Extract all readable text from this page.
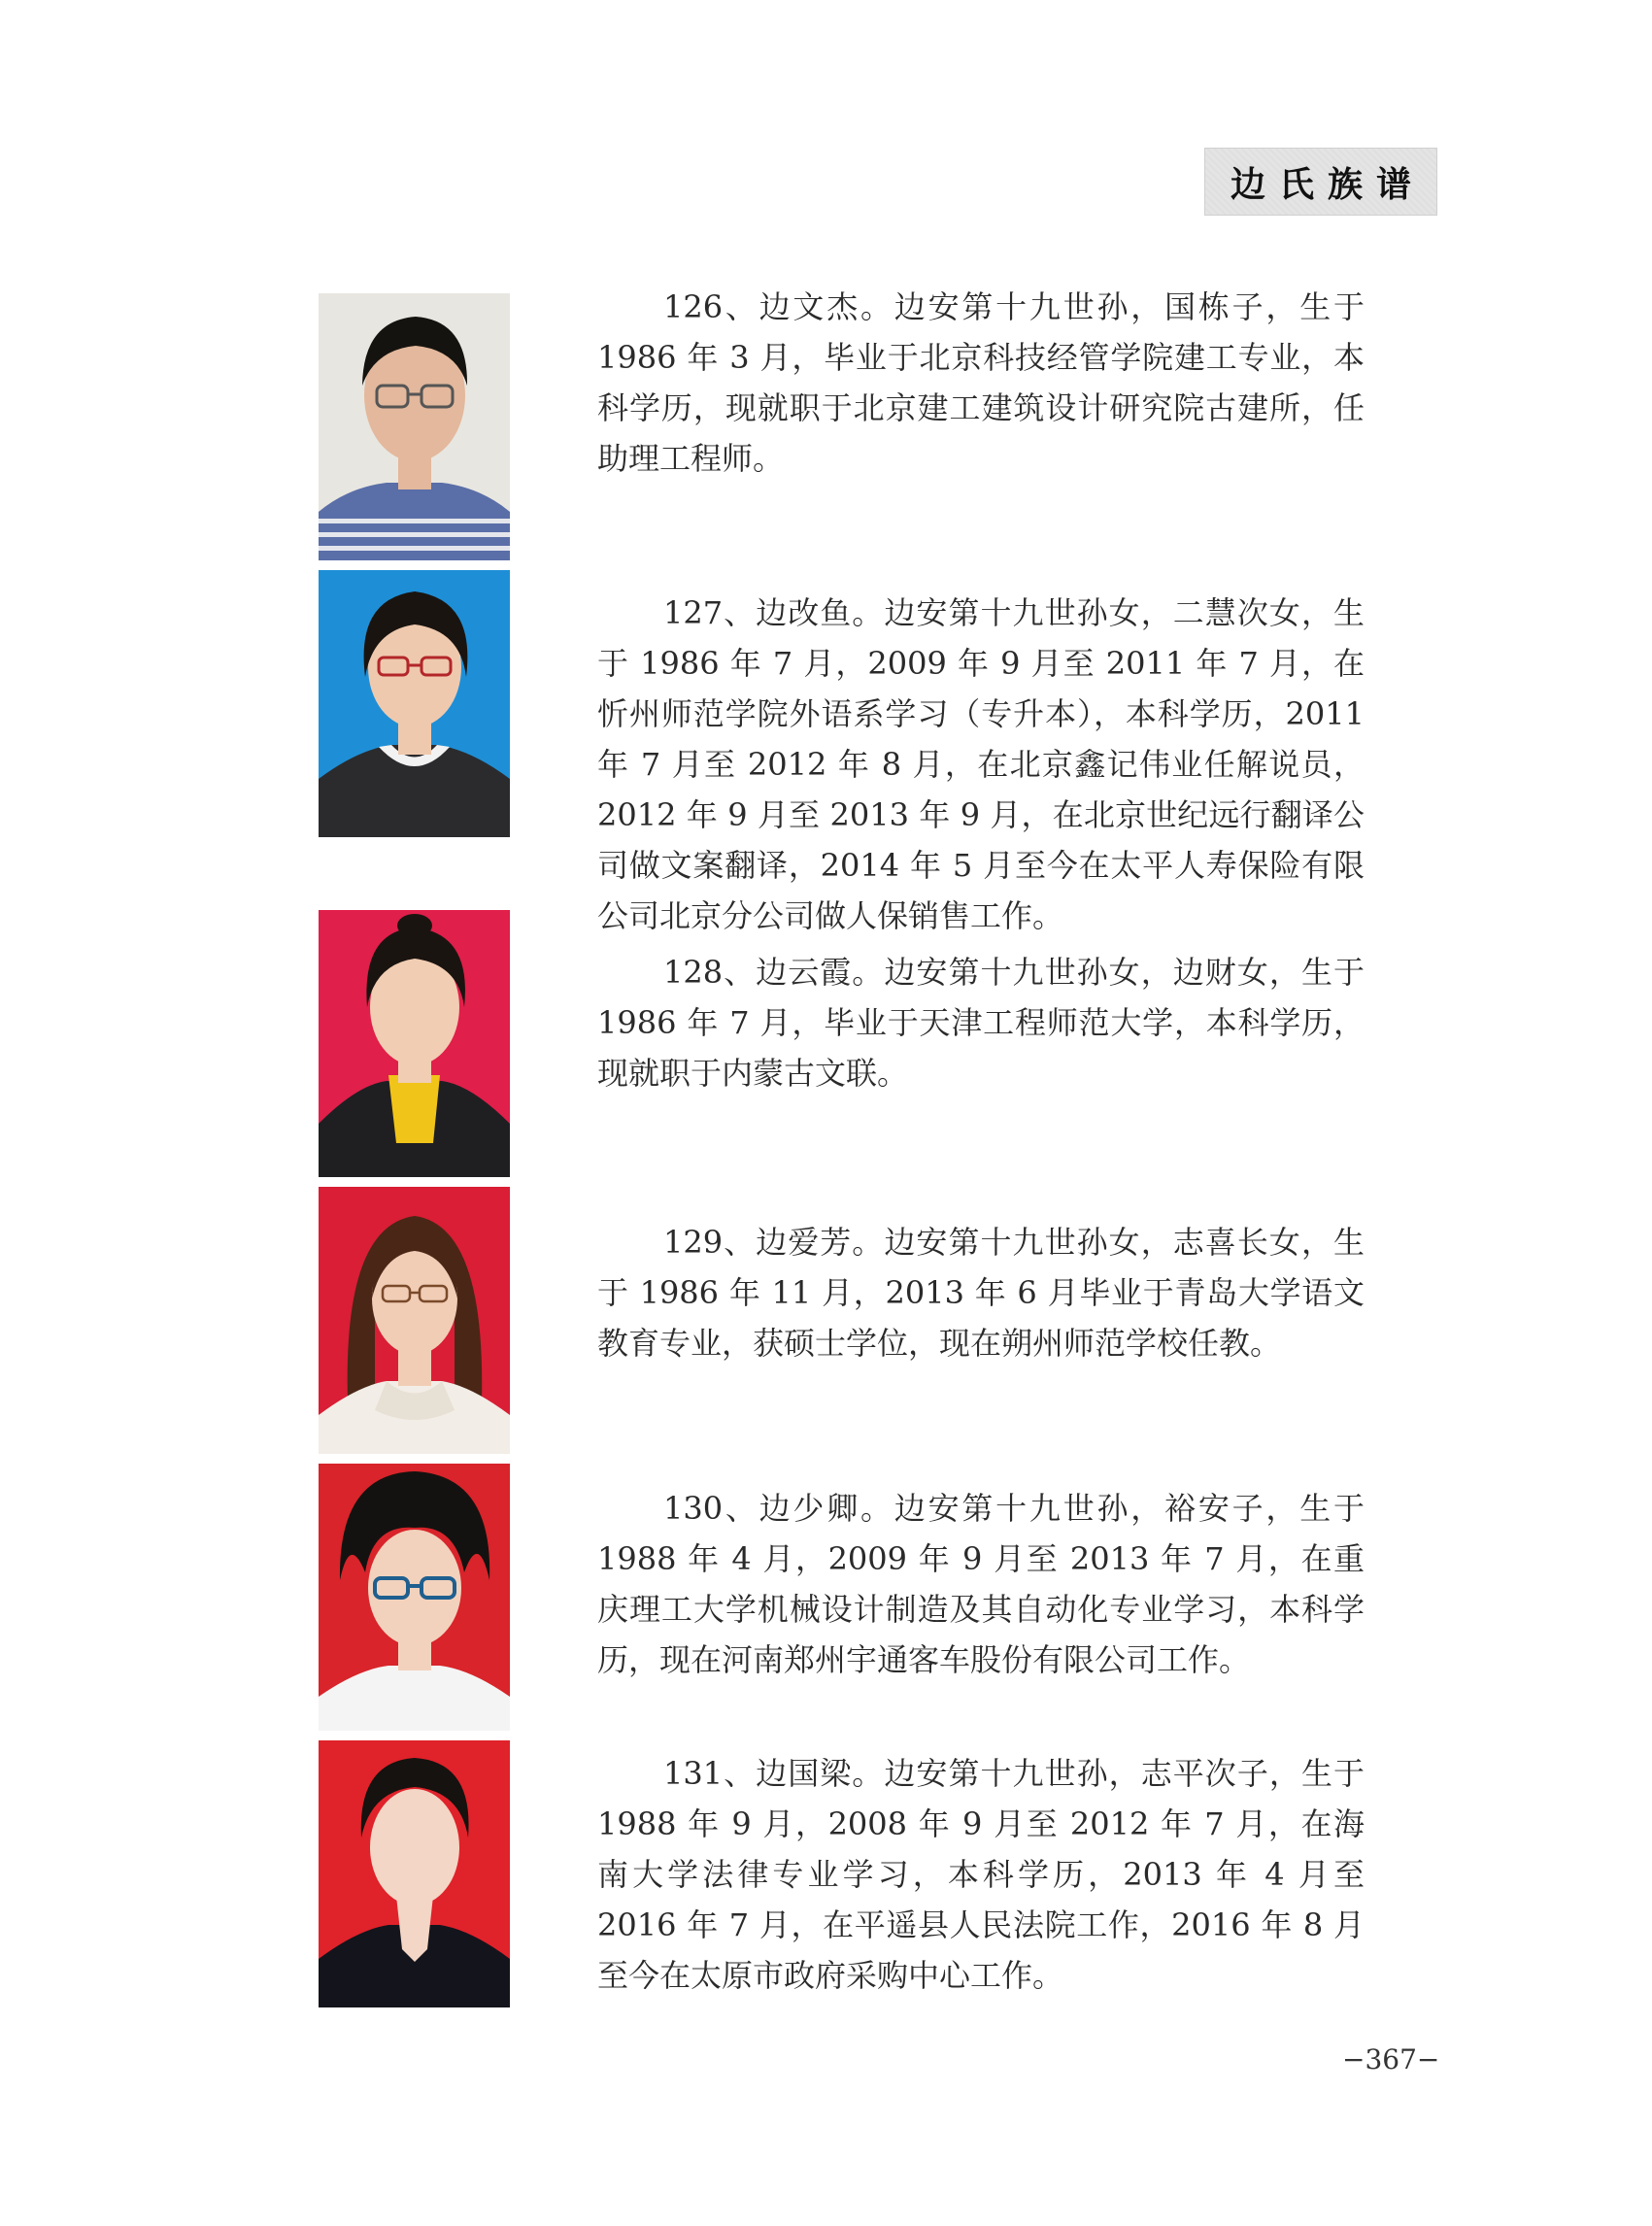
边氏族谱

126、边文杰。边安第十九世孙，国栋子，生于 1986 年 3 月，毕业于北京科技经管学院建工专业，本科学历，现就职于北京建工建筑设计研究院古建所，任助理工程师。

127、边改鱼。边安第十九世孙女，二慧次女，生于 1986 年 7 月，2009 年 9 月至 2011 年 7 月，在忻州师范学院外语系学习（专升本），本科学历，2011 年 7 月至 2012 年 8 月，在北京鑫记伟业任解说员，2012 年 9 月至 2013 年 9 月，在北京世纪远行翻译公司做文案翻译，2014 年 5 月至今在太平人寿保险有限公司北京分公司做人保销售工作。

128、边云霞。边安第十九世孙女，边财女，生于 1986 年 7 月，毕业于天津工程师范大学，本科学历，现就职于内蒙古文联。

129、边爱芳。边安第十九世孙女，志喜长女，生于 1986 年 11 月，2013 年 6 月毕业于青岛大学语文教育专业，获硕士学位，现在朔州师范学校任教。

130、边少卿。边安第十九世孙，裕安子，生于 1988 年 4 月，2009 年 9 月至 2013 年 7 月，在重庆理工大学机械设计制造及其自动化专业学习，本科学历，现在河南郑州宇通客车股份有限公司工作。

131、边国梁。边安第十九世孙，志平次子，生于 1988 年 9 月，2008 年 9 月至 2012 年 7 月，在海南大学法律专业学习，本科学历，2013 年 4 月至 2016 年 7 月，在平遥县人民法院工作，2016 年 8 月至今在太原市政府采购中心工作。

−367−
